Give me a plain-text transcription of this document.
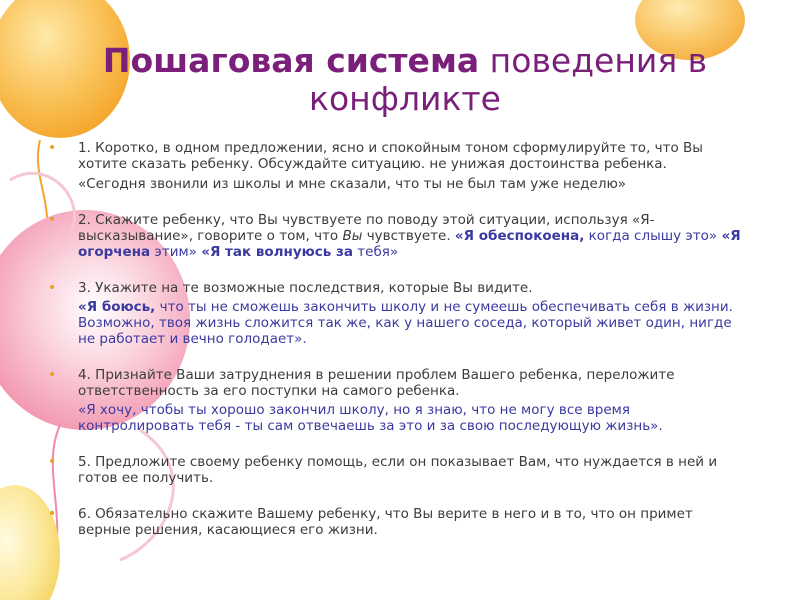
Пошаговая система поведения в конфликте
•	1. Коротко, в одном предложении, ясно и спокойным тоном сформулируйте то, что Вы хотите сказать ребенку. Обсуждайте ситуацию. не унижая достоинства ребенка.
«Сегодня звонили из школы и мне сказали, что ты не был там уже неделю»
•	2. Скажите ребенку, что Вы чувствуете по поводу этой ситуации, используя «Я-высказывание», говорите о том, что Вы чувствуете. «Я обеспокоена, когда слышу это» «Я огорчена этим» «Я так волнуюсь за тебя»
•	3. Укажите на те возможные последствия, которые Вы видите.
«Я боюсь, что ты не сможешь закончить школу и не сумеешь обеспечивать себя в жизни. Возможно, твоя жизнь сложится так же, как у нашего соседа, который живет один, нигде не работает и вечно голодает».
•	4. Признайте Ваши затруднения в решении проблем Вашего ребенка, переложите ответственность за его поступки на самого ребенка.
«Я хочу, чтобы ты хорошо закончил школу, но я знаю, что не могу все время контролировать тебя - ты сам отвечаешь за это и за свою последующую жизнь».
•	5. Предложите своему ребенку помощь, если он показывает Вам, что нуждается в ней и готов ее получить.
•	6. Обязательно скажите Вашему ребенку, что Вы верите в него и в то, что он примет верные решения, касающиеся его жизни.
